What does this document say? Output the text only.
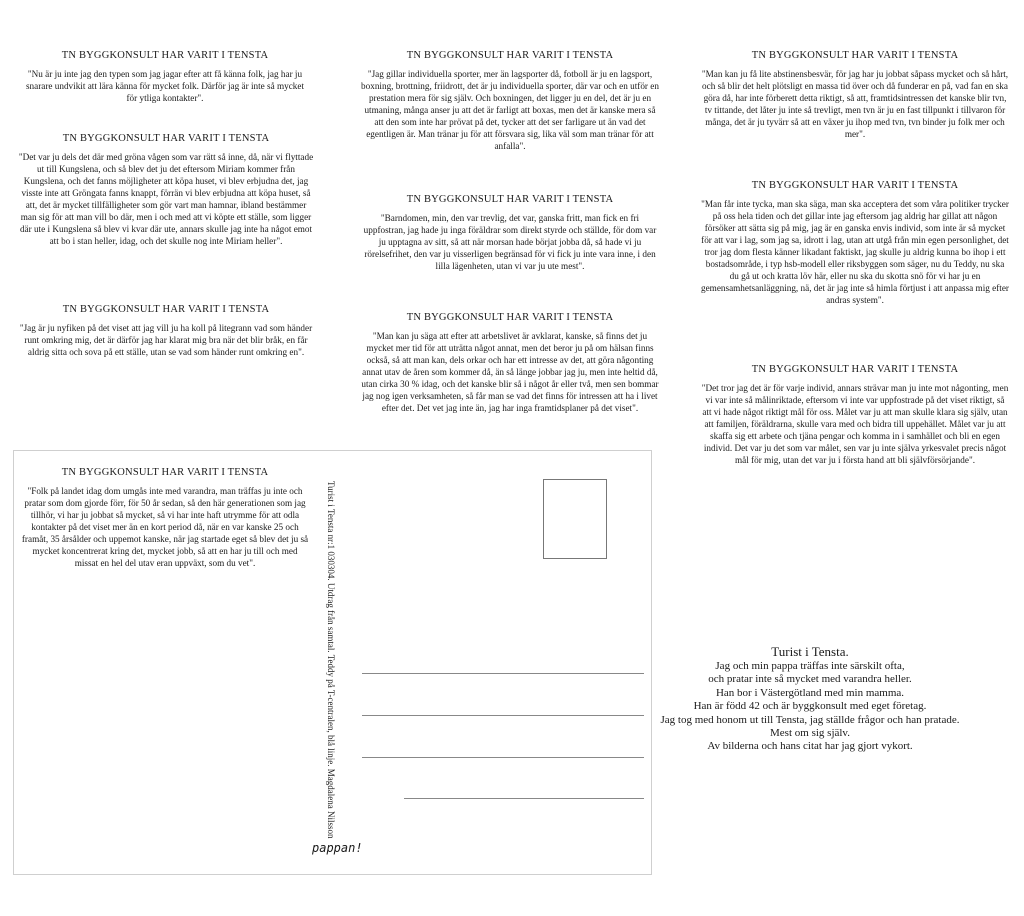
TN BYGGKONSULT HAR VARIT I TENSTA

"Nu är ju inte jag den typen som jag jagar efter att få känna folk, jag har ju snarare undvikit att lära känna för mycket folk. Därför jag är inte så mycket för ytliga kontakter".

TN BYGGKONSULT HAR VARIT I TENSTA

"Det var ju dels det där med gröna vågen som var rätt så inne, då, när vi flyttade ut till Kungslena, och så blev det ju det eftersom Miriam kommer från Kungslena, och det fanns möjligheter att köpa huset, vi blev erbjudna det, jag visste inte att Gröngata fanns knappt, förrän vi blev erbjudna att köpa huset, så att, det är mycket tillfälligheter som gör vart man hamnar, ibland bestämmer man sig för att man vill bo där, men i och med att vi köpte ett ställe, som ligger där ute i Kungslena så blev vi kvar där ute, annars skulle jag inte ha något emot att bo i stan heller, idag, och det skulle nog inte Miriam heller".

TN BYGGKONSULT HAR VARIT I TENSTA

"Jag är ju nyfiken på det viset att jag vill ju ha koll på litegrann vad som händer runt omkring mig, det är därför jag har klarat mig bra när det blir bråk, en får aldrig sitta och sova på ett ställe, utan se vad som händer runt omkring en".

TN BYGGKONSULT HAR VARIT I TENSTA

"Jag gillar individuella sporter, mer än lagsporter då, fotboll är ju en lagsport, boxning, brottning, friidrott, det är ju individuella sporter, där var och en utför en prestation mera för sig själv. Och boxningen, det ligger ju en del, det är ju en utmaning, många anser ju att det är farligt att boxas, men det är kanske mera så att den som inte har prövat på det, tycker att det ser farligare ut än vad det egentligen är. Man tränar ju för att försvara sig, lika väl som man tränar för att anfalla".

TN BYGGKONSULT HAR VARIT I TENSTA

"Barndomen, min, den var trevlig, det var, ganska fritt, man fick en fri uppfostran, jag hade ju inga föräldrar som direkt styrde och ställde, för dom var ju upptagna av sitt, så att när morsan hade börjat jobba då, så hade vi ju rörelsefrihet, den var ju visserligen begränsad för vi fick ju inte vara inne, i den lilla lägenheten, utan vi var ju ute mest".

TN BYGGKONSULT HAR VARIT I TENSTA

"Man kan ju säga att efter att arbetslivet är avklarat, kanske, så finns det ju mycket mer tid för att uträtta något annat, men det beror ju på om hälsan finns också, så att man kan, dels orkar och har ett intresse av det, att göra någonting annat utav de åren som kommer då, än så länge jobbar jag ju, men inte heltid då, utan cirka 30 % idag, och det kanske blir så i något år eller två, men sen bommar jag nog igen verksamheten, så får man se vad det finns för intressen att ha i livet efter det. Det vet jag inte än, jag har inga framtidsplaner på det viset".

TN BYGGKONSULT HAR VARIT I TENSTA

"Man kan ju få lite abstinensbesvär, för jag har ju jobbat såpass mycket och så hårt, och så blir det helt plötsligt en massa tid över och då funderar en på, vad fan en ska göra då, har inte förberett detta riktigt, så att, framtidsintressen det kanske blir tvn, tv tittande, det låter ju inte så trevligt, men tvn är ju en fast tillpunkt i tillvaron för många, det är ju tyvärr så att en växer ju ihop med tvn, tvn binder ju folk mer och mer".

TN BYGGKONSULT HAR VARIT I TENSTA

"Man får inte tycka, man ska säga, man ska acceptera det som våra politiker trycker på oss hela tiden och det gillar inte jag eftersom jag aldrig har gillat att någon försöker att sätta sig på mig, jag är en ganska envis individ, som inte är så mycket för att var i lag, som jag sa, idrott i lag, utan att utgå från min egen personlighet, det tror jag dom flesta känner likadant faktiskt, jag skulle ju aldrig kunna bo ihop i ett bostadsområde, i typ hsb-modell eller riksbyggen som säger, nu du Teddy, nu ska du gå ut och kratta löv här, eller nu ska du skotta snö för vi har ju en gemensamhetsanläggning, nä, det är jag inte så himla förtjust i att anpassa mig efter andras system".

TN BYGGKONSULT HAR VARIT I TENSTA

"Det tror jag det är för varje individ, annars strävar man ju inte mot någonting, men vi var inte så målinriktade, eftersom vi inte var uppfostrade på det viset riktigt, så att vi hade något riktigt mål för oss. Målet var ju att man skulle klara sig själv, utan att familjen, föräldrarna, skulle vara med och bidra till uppehället. Målet var ju att skaffa sig ett arbete och tjäna pengar och komma in i samhället och bli en egen individ. Det var ju det som var målet, sen var ju inte själva yrkesvalet precis något mål för mig, utan det var ju i första hand att bli självförsörjande".

TN BYGGKONSULT HAR VARIT I TENSTA

"Folk på landet idag dom umgås inte med varandra, man träffas ju inte och pratar som dom gjorde förr, för 50 år sedan, så den här generationen som jag tillhör, vi har ju jobbat så mycket, så vi har inte haft utrymme för att odla kontakter på det viset mer än en kort period då, när en var kanske 25 och framåt, 35 årsålder och uppemot kanske, när jag startade eget så blev det ju så mycket koncentrerat kring det, mycket jobb, så att en har ju till och med missat en hel del utav eran uppväxt, som du vet".	Turist i Tensta nr:1 030304. Utdrag från samtal. Teddy på T-centralen, blå linje. Magdalena Nilsson
pappan!
Turist i Tensta.
Jag och min pappa träffas inte särskilt ofta,
och pratar inte så mycket med varandra heller.
Han bor i Västergötland med min mamma.
Han är född 42 och är byggkonsult med eget företag.
Jag tog med honom ut till Tensta, jag ställde frågor och han pratade.
Mest om sig själv.
Av bilderna och hans citat har jag gjort vykort.
